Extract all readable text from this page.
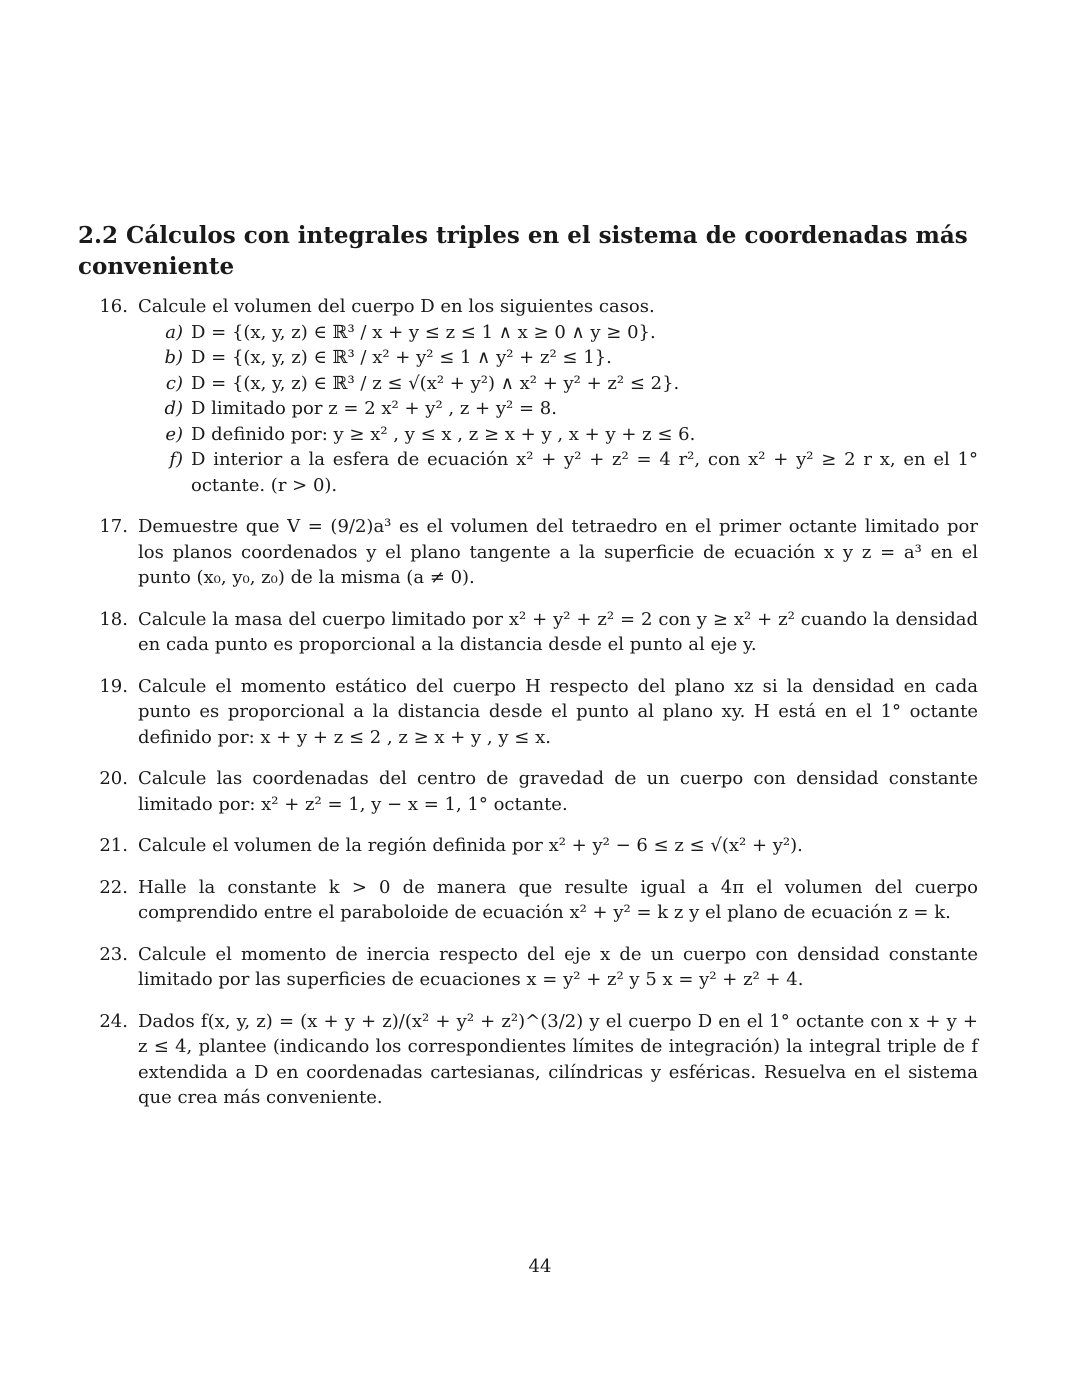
2.2 Cálculos con integrales triples en el sistema de coordenadas más conveniente
16. Calcule el volumen del cuerpo D en los siguientes casos.
a) D = {(x, y, z) ∈ ℝ³ / x + y ≤ z ≤ 1 ∧ x ≥ 0 ∧ y ≥ 0}.
b) D = {(x, y, z) ∈ ℝ³ / x² + y² ≤ 1 ∧ y² + z² ≤ 1}.
c) D = {(x, y, z) ∈ ℝ³ / z ≤ √(x² + y²) ∧ x² + y² + z² ≤ 2}.
d) D limitado por z = 2 x² + y² , z + y² = 8.
e) D definido por: y ≥ x² , y ≤ x , z ≥ x + y , x + y + z ≤ 6.
f) D interior a la esfera de ecuación x² + y² + z² = 4 r², con x² + y² ≥ 2 r x, en el 1° octante. (r > 0).
17. Demuestre que V = (9/2)a³ es el volumen del tetraedro en el primer octante limitado por los planos coordenados y el plano tangente a la superficie de ecuación x y z = a³ en el punto (x₀, y₀, z₀) de la misma (a ≠ 0).
18. Calcule la masa del cuerpo limitado por x² + y² + z² = 2 con y ≥ x² + z² cuando la densidad en cada punto es proporcional a la distancia desde el punto al eje y.
19. Calcule el momento estático del cuerpo H respecto del plano xz si la densidad en cada punto es proporcional a la distancia desde el punto al plano xy. H está en el 1° octante definido por: x + y + z ≤ 2 , z ≥ x + y , y ≤ x.
20. Calcule las coordenadas del centro de gravedad de un cuerpo con densidad constante limitado por: x² + z² = 1, y − x = 1, 1° octante.
21. Calcule el volumen de la región definida por x² + y² − 6 ≤ z ≤ √(x² + y²).
22. Halle la constante k > 0 de manera que resulte igual a 4π el volumen del cuerpo comprendido entre el paraboloide de ecuación x² + y² = k z y el plano de ecuación z = k.
23. Calcule el momento de inercia respecto del eje x de un cuerpo con densidad constante limitado por las superficies de ecuaciones x = y² + z² y 5 x = y² + z² + 4.
24. Dados f(x, y, z) = (x + y + z)/(x² + y² + z²)^(3/2) y el cuerpo D en el 1° octante con x + y + z ≤ 4, plantee (indicando los correspondientes límites de integración) la integral triple de f extendida a D en coordenadas cartesianas, cilíndricas y esféricas. Resuelva en el sistema que crea más conveniente.
44
